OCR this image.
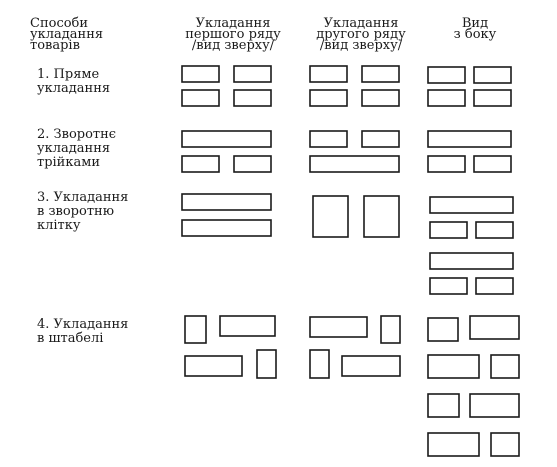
Способи
укладання
товарів
Укладання
першого ряду
/вид зверху/
Укладання
другого ряду
/вид зверху/
Вид
з боку
1. Пряме
укладання
2. Зворотнє
укладання
трійками
3. Укладання
в зворотню
клітку
4. Укладання
в штабелі
